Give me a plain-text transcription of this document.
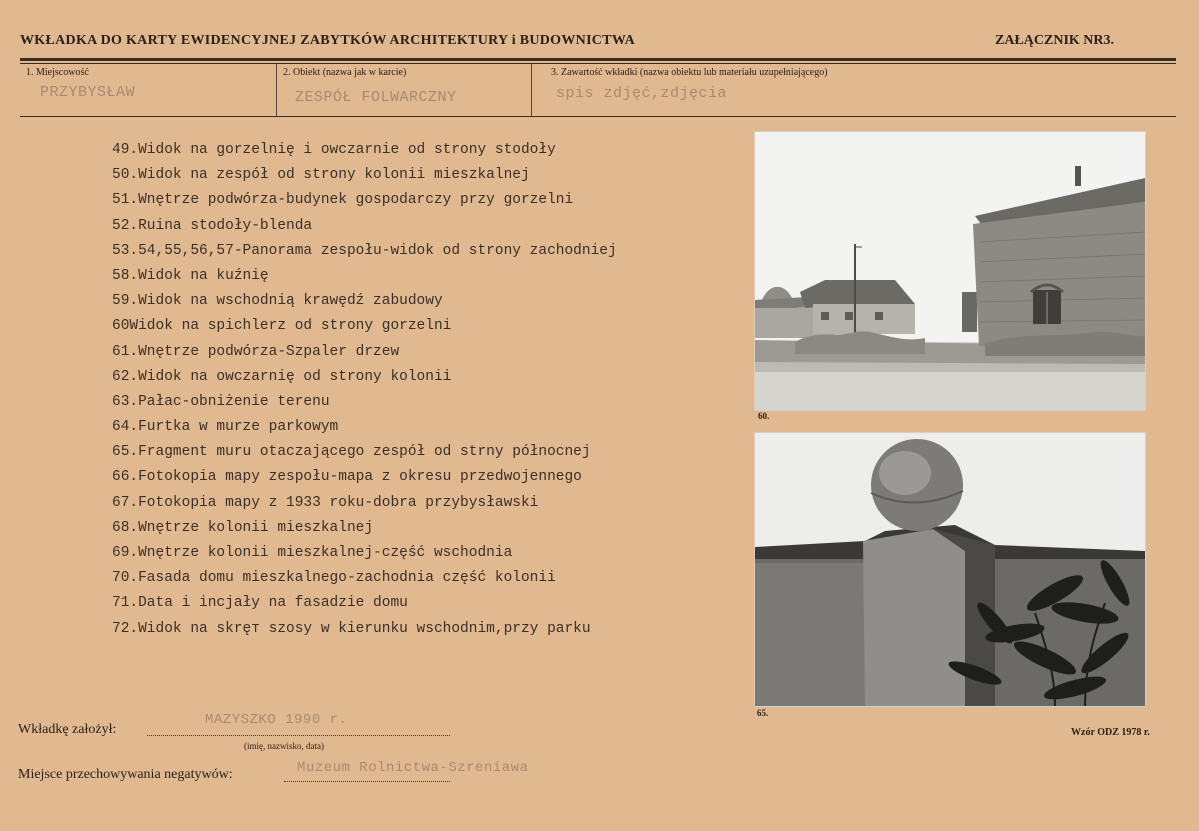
WKŁADKA DO KARTY EWIDENCYJNEJ ZABYTKÓW ARCHITEKTURY i BUDOWNICTWA	ZAŁĄCZNIK NR3.
1. Miejscowość
PRZYBYSŁAW
2. Obiekt (nazwa jak w karcie)
ZESPÓŁ FOLWARCZNY
3. Zawartość wkładki (nazwa obiektu lub materiału uzupełniającego)
spis zdjęć,zdjęcia
49.Widok na gorzelnię i owczarnie od strony stodoły
50.Widok na zespół od strony kolonii mieszkalnej
51.Wnętrze podwórza-budynek gospodarczy przy gorzelni
52.Ruina stodoły-blenda
53.54,55,56,57-Panorama zespołu-widok od strony zachodniej
58.Widok na kuźnię
59.Widok na wschodnią krawędź zabudowy
60Widok na spichlerz od strony gorzelni
61.Wnętrze podwórza-Szpaler drzew
62.Widok na owczarnię od strony kolonii
63.Pałac-obniżenie terenu
64.Furtka w murze parkowym
65.Fragment muru otaczającego zespół od strny północnej
66.Fotokopia mapy zespołu-mapa z okresu przedwojennego
67.Fotokopia mapy z 1933 roku-dobra przybysławski
68.Wnętrze kolonii mieszkalnej
69.Wnętrze kolonii mieszkalnej-część wschodnia
70.Fasada domu mieszkalnego-zachodnia część kolonii
71.Data i incjały na fasadzie domu
72.Widok na skręт szosy w kierunku wschodnim,przy parku
60.
65.
Wkładkę założył:
MAZYSZKO 1990 r.
(imię, nazwisko, data)
Miejsce przechowywania negatywów:	Muzeum Rolnictwa-Szreniawa
Wzór ODZ 1978 r.
